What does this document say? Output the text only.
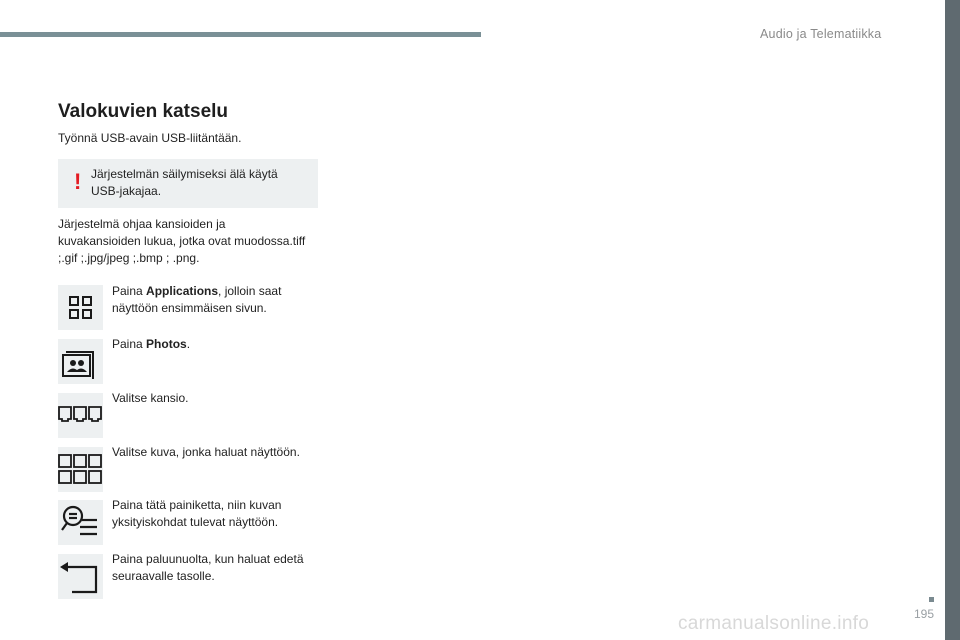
Audio ja Telematiikka
195
Valokuvien katselu
Työnnä USB-avain USB-liitäntään.
! Järjestelmän säilymiseksi älä käytä USB-jakajaa.
Järjestelmä ohjaa kansioiden ja kuvakansioiden lukua, jotka ovat muodossa.tiff ;.gif ;.jpg/jpeg ;.bmp ; .png.
Paina Applications, jolloin saat näyttöön ensimmäisen sivun.
Paina Photos.
Valitse kansio.
Valitse kuva, jonka haluat näyttöön.
Paina tätä painiketta, niin kuvan yksityiskohdat tulevat näyttöön.
Paina paluunuolta, kun haluat edetä seuraavalle tasolle.
carmanualsonline.info
